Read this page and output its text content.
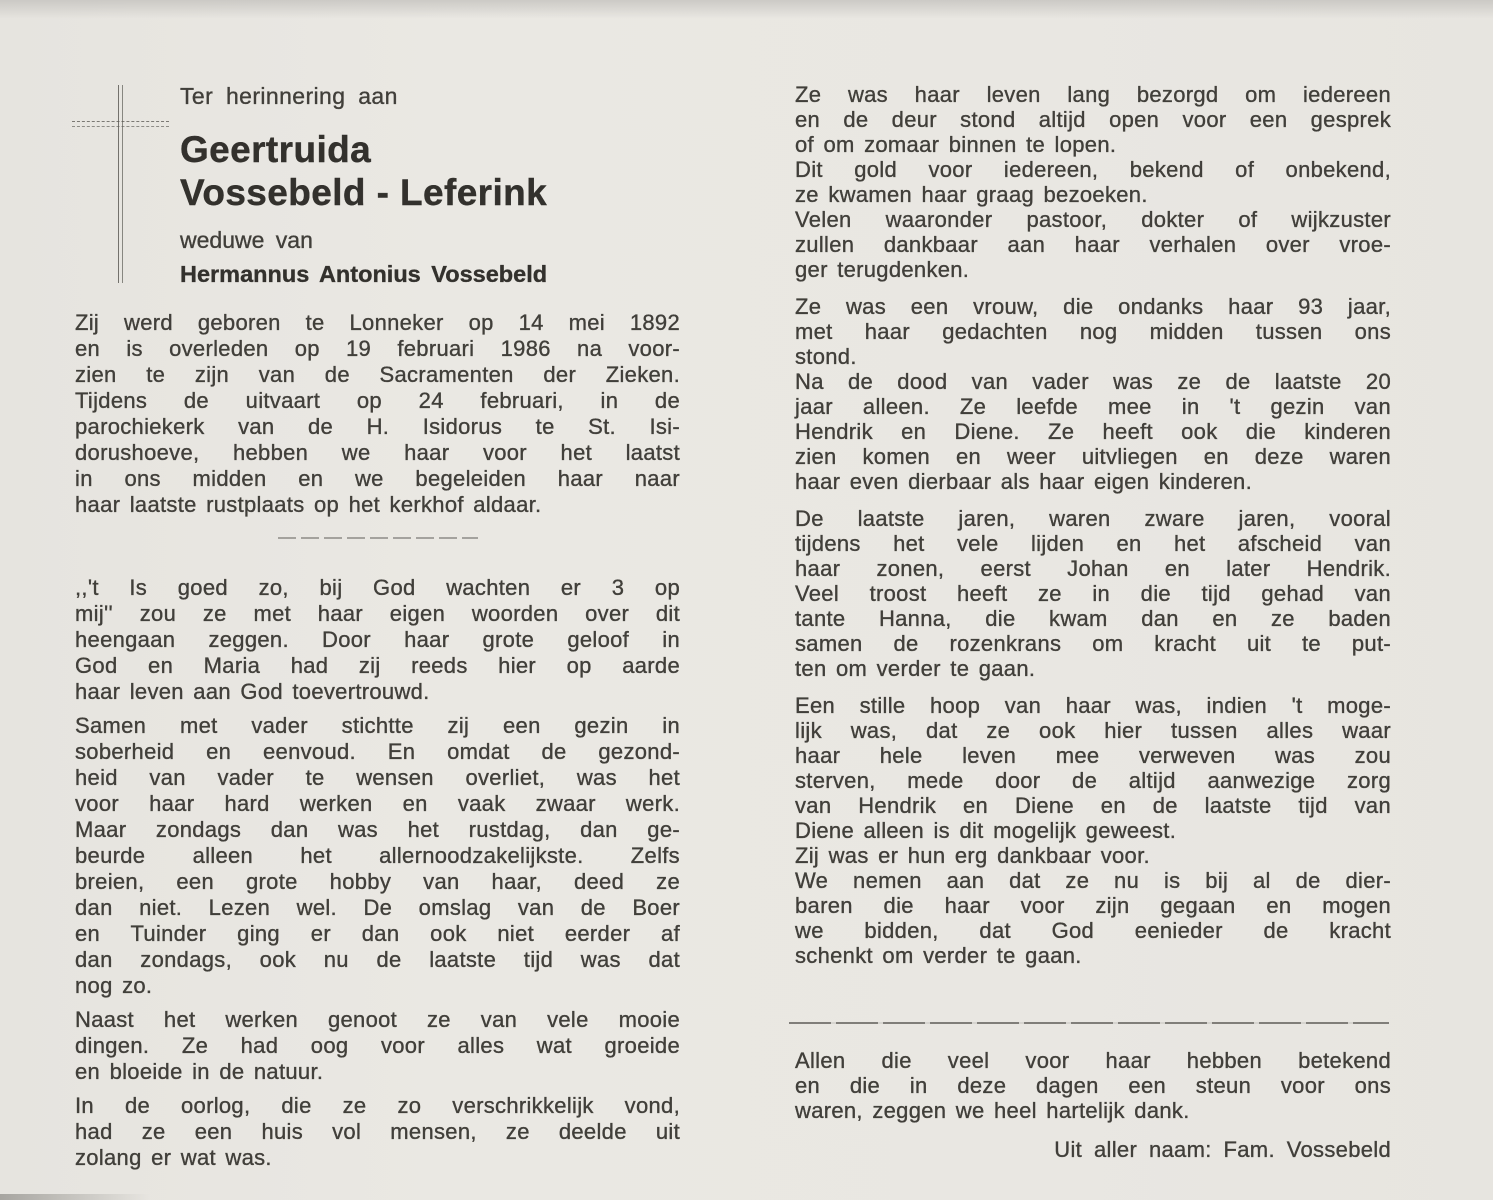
Ter herinnering aan
Geertruida
Vossebeld - Leferink
weduwe van
Hermannus Antonius Vossebeld
Zij werd geboren te Lonneker op 14 mei 1892
en is overleden op 19 februari 1986 na voor-
zien te zijn van de Sacramenten der Zieken.
Tijdens de uitvaart op 24 februari, in de
parochiekerk van de H. Isidorus te St. Isi-
dorushoeve, hebben we haar voor het laatst
in ons midden en we begeleiden haar naar
haar laatste rustplaats op het kerkhof aldaar.
,,'t Is goed zo, bij God wachten er 3 op
mij'' zou ze met haar eigen woorden over dit
heengaan zeggen. Door haar grote geloof in
God en Maria had zij reeds hier op aarde
haar leven aan God toevertrouwd.
Samen met vader stichtte zij een gezin in
soberheid en eenvoud. En omdat de gezond-
heid van vader te wensen overliet, was het
voor haar hard werken en vaak zwaar werk.
Maar zondags dan was het rustdag, dan ge-
beurde alleen het allernoodzakelijkste. Zelfs
breien, een grote hobby van haar, deed ze
dan niet. Lezen wel. De omslag van de Boer
en Tuinder ging er dan ook niet eerder af
dan zondags, ook nu de laatste tijd was dat
nog zo.
Naast het werken genoot ze van vele mooie
dingen. Ze had oog voor alles wat groeide
en bloeide in de natuur.
In de oorlog, die ze zo verschrikkelijk vond,
had ze een huis vol mensen, ze deelde uit
zolang er wat was.
Ze was haar leven lang bezorgd om iedereen
en de deur stond altijd open voor een gesprek
of om zomaar binnen te lopen.
Dit gold voor iedereen, bekend of onbekend,
ze kwamen haar graag bezoeken.
Velen waaronder pastoor, dokter of wijkzuster
zullen dankbaar aan haar verhalen over vroe-
ger terugdenken.
Ze was een vrouw, die ondanks haar 93 jaar,
met haar gedachten nog midden tussen ons
stond.
Na de dood van vader was ze de laatste 20
jaar alleen. Ze leefde mee in 't gezin van
Hendrik en Diene. Ze heeft ook die kinderen
zien komen en weer uitvliegen en deze waren
haar even dierbaar als haar eigen kinderen.
De laatste jaren, waren zware jaren, vooral
tijdens het vele lijden en het afscheid van
haar zonen, eerst Johan en later Hendrik.
Veel troost heeft ze in die tijd gehad van
tante Hanna, die kwam dan en ze baden
samen de rozenkrans om kracht uit te put-
ten om verder te gaan.
Een stille hoop van haar was, indien 't moge-
lijk was, dat ze ook hier tussen alles waar
haar hele leven mee verweven was zou
sterven, mede door de altijd aanwezige zorg
van Hendrik en Diene en de laatste tijd van
Diene alleen is dit mogelijk geweest.
Zij was er hun erg dankbaar voor.
We nemen aan dat ze nu is bij al de dier-
baren die haar voor zijn gegaan en mogen
we bidden, dat God eenieder de kracht
schenkt om verder te gaan.
Allen die veel voor haar hebben betekend
en die in deze dagen een steun voor ons
waren, zeggen we heel hartelijk dank.
Uit aller naam: Fam. Vossebeld
